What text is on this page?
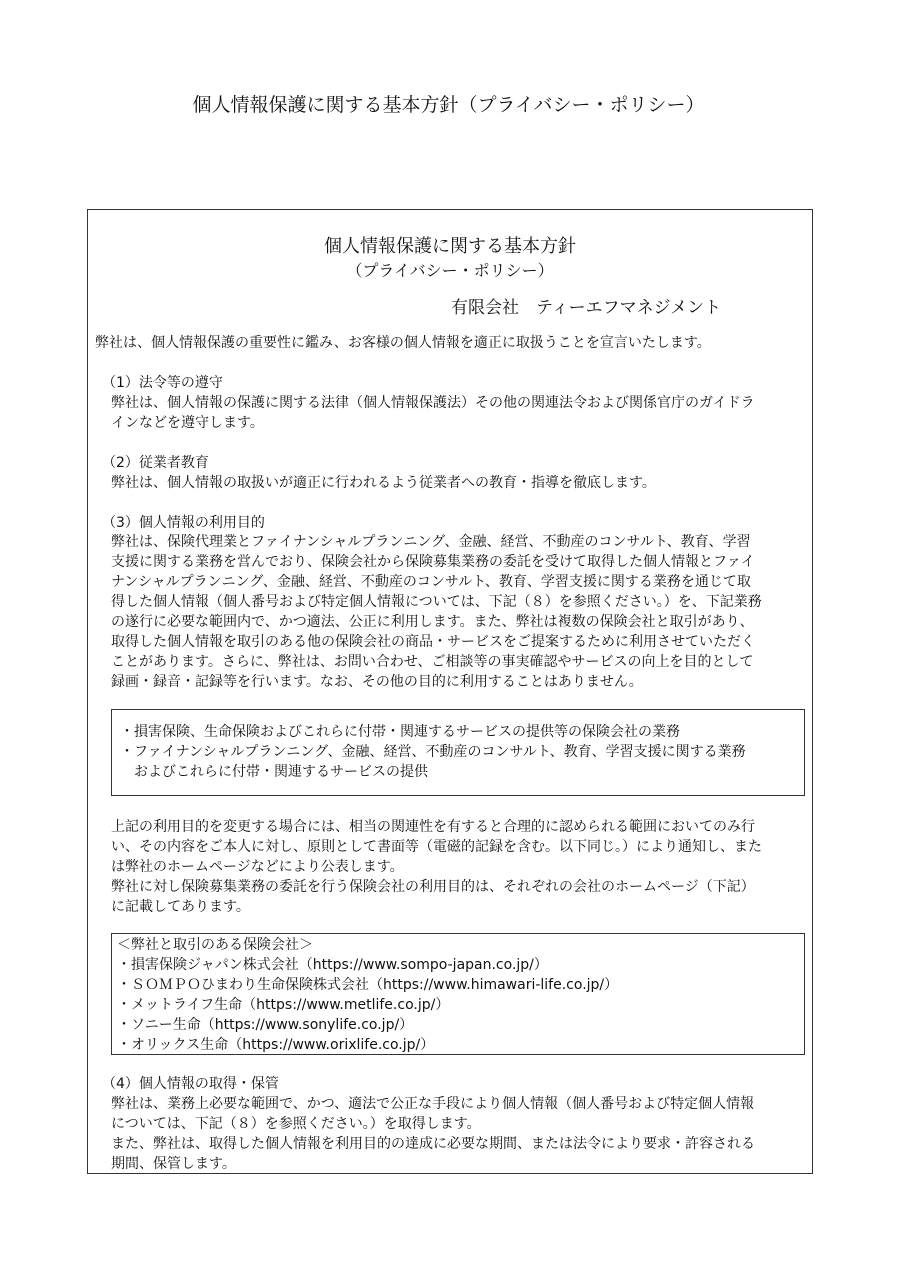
個人情報保護に関する基本方針（プライバシー・ポリシー）
個人情報保護に関する基本方針
（プライバシー・ポリシー）
有限会社　ティーエフマネジメント
弊社は、個人情報保護の重要性に鑑み、お客様の個人情報を適正に取扱うことを宣言いたします。
（1）法令等の遵守
弊社は、個人情報の保護に関する法律（個人情報保護法）その他の関連法令および関係官庁のガイドラ
インなどを遵守します。
（2）従業者教育
弊社は、個人情報の取扱いが適正に行われるよう従業者への教育・指導を徹底します。
（3）個人情報の利用目的
弊社は、保険代理業とファイナンシャルプランニング、金融、経営、不動産のコンサルト、教育、学習
支援に関する業務を営んでおり、保険会社から保険募集業務の委託を受けて取得した個人情報とファイ
ナンシャルプランニング、金融、経営、不動産のコンサルト、教育、学習支援に関する業務を通じて取
得した個人情報（個人番号および特定個人情報については、下記（８）を参照ください。）を、下記業務
の遂行に必要な範囲内で、かつ適法、公正に利用します。また、弊社は複数の保険会社と取引があり、
取得した個人情報を取引のある他の保険会社の商品・サービスをご提案するために利用させていただく
ことがあります。さらに、弊社は、お問い合わせ、ご相談等の事実確認やサービスの向上を目的として
録画・録音・記録等を行います。なお、その他の目的に利用することはありません。
・損害保険、生命保険およびこれらに付帯・関連するサービスの提供等の保険会社の業務
・ファイナンシャルプランニング、金融、経営、不動産のコンサルト、教育、学習支援に関する業務
　およびこれらに付帯・関連するサービスの提供
上記の利用目的を変更する場合には、相当の関連性を有すると合理的に認められる範囲においてのみ行
い、その内容をご本人に対し、原則として書面等（電磁的記録を含む。以下同じ。）により通知し、また
は弊社のホームページなどにより公表します。
弊社に対し保険募集業務の委託を行う保険会社の利用目的は、それぞれの会社のホームページ（下記）
に記載してあります。
＜弊社と取引のある保険会社＞
・損害保険ジャパン株式会社（https://www.sompo-japan.co.jp/）
・ＳＯＭＰＯひまわり生命保険株式会社（https://www.himawari-life.co.jp/）
・メットライフ生命（https://www.metlife.co.jp/）
・ソニー生命（https://www.sonylife.co.jp/）
・オリックス生命（https://www.orixlife.co.jp/）
（4）個人情報の取得・保管
弊社は、業務上必要な範囲で、かつ、適法で公正な手段により個人情報（個人番号および特定個人情報
については、下記（８）を参照ください。）を取得します。
また、弊社は、取得した個人情報を利用目的の達成に必要な期間、または法令により要求・許容される
期間、保管します。
